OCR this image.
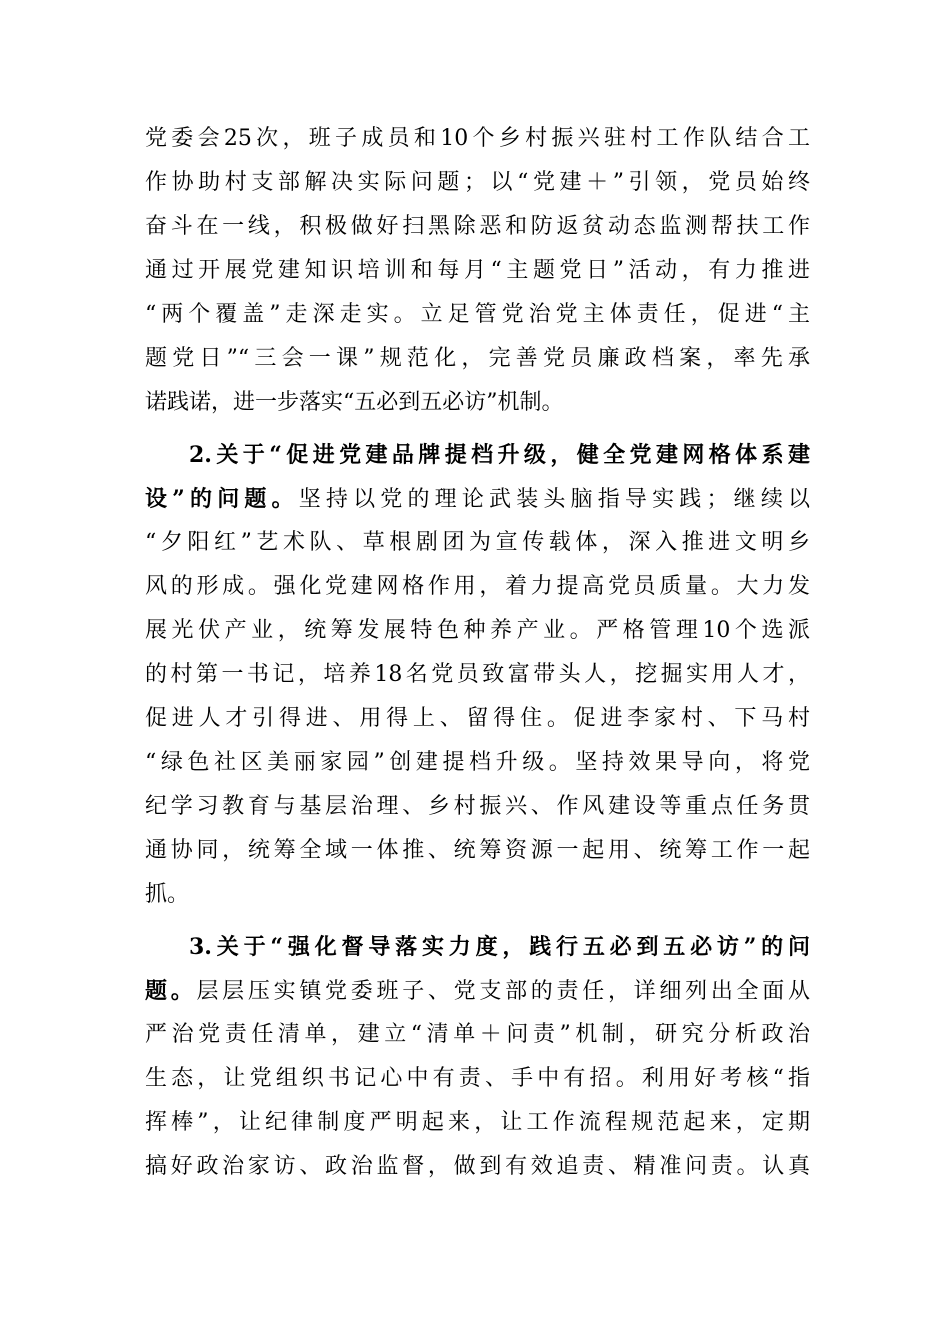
党委会25次，班子成员和10个乡村振兴驻村工作队结合工
作协助村支部解决实际问题；以“党建＋”引领，党员始终
奋斗在一线，积极做好扫黑除恶和防返贫动态监测帮扶工作
通过开展党建知识培训和每月“主题党日”活动，有力推进
“两个覆盖”走深走实。立足管党治党主体责任，促进“主
题党日”“三会一课”规范化，完善党员廉政档案，率先承
诺践诺，进一步落实“五必到五必访”机制。
2.关于“促进党建品牌提档升级，健全党建网格体系建
设”的问题。坚持以党的理论武装头脑指导实践；继续以
“夕阳红”艺术队、草根剧团为宣传载体，深入推进文明乡
风的形成。强化党建网格作用，着力提高党员质量。大力发
展光伏产业，统筹发展特色种养产业。严格管理10个选派
的村第一书记，培养18名党员致富带头人，挖掘实用人才，
促进人才引得进、用得上、留得住。促进李家村、下马村
“绿色社区美丽家园”创建提档升级。坚持效果导向，将党
纪学习教育与基层治理、乡村振兴、作风建设等重点任务贯
通协同，统筹全域一体推、统筹资源一起用、统筹工作一起
抓。
3.关于“强化督导落实力度，践行五必到五必访”的问
题。层层压实镇党委班子、党支部的责任，详细列出全面从
严治党责任清单，建立“清单＋问责”机制，研究分析政治
生态，让党组织书记心中有责、手中有招。利用好考核“指
挥棒”，让纪律制度严明起来，让工作流程规范起来，定期
搞好政治家访、政治监督，做到有效追责、精准问责。认真
